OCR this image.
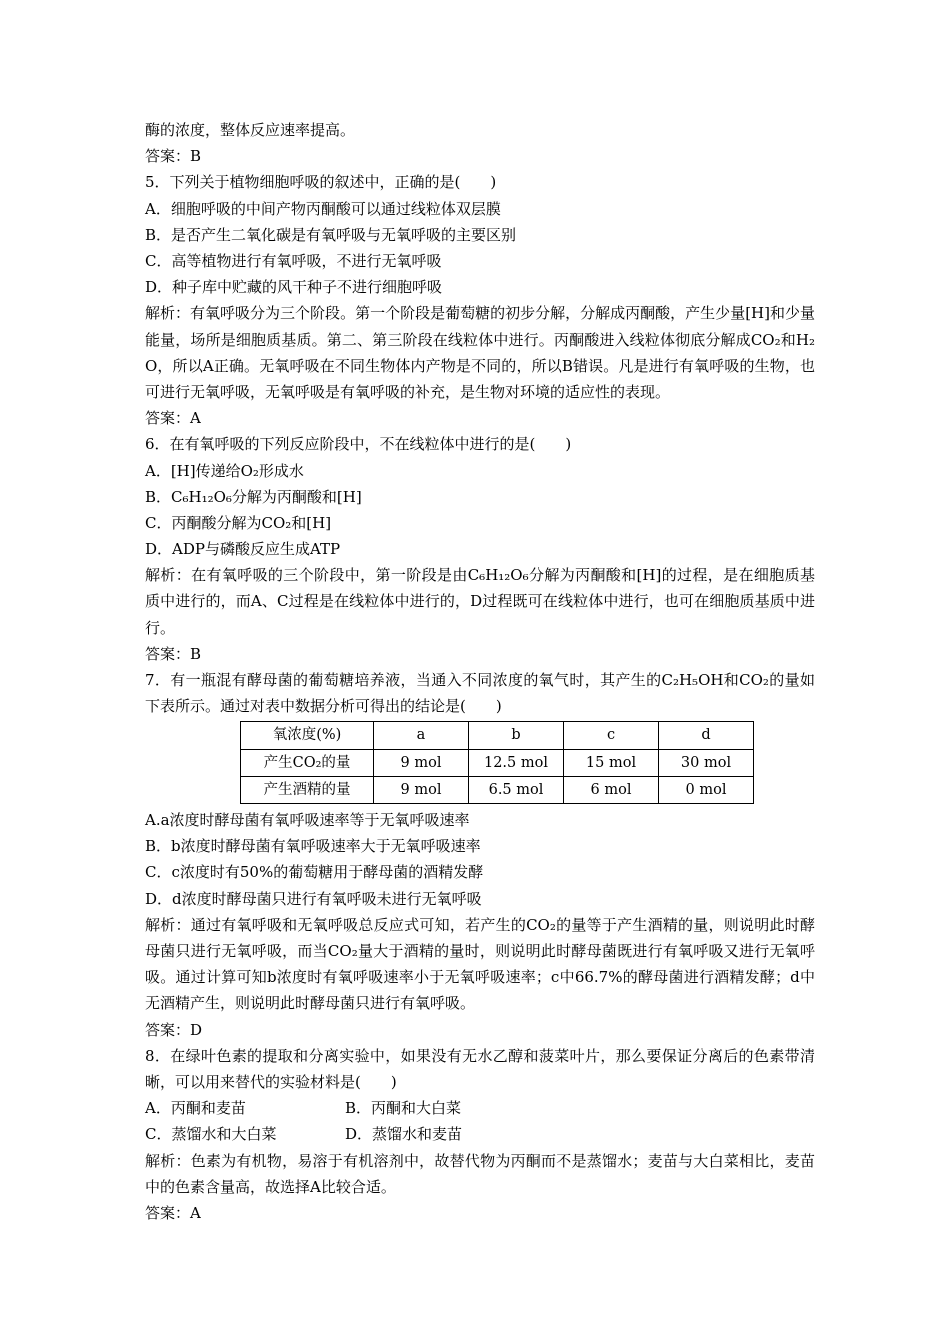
酶的浓度，整体反应速率提高。
答案：B
5．下列关于植物细胞呼吸的叙述中，正确的是(　　)
A．细胞呼吸的中间产物丙酮酸可以通过线粒体双层膜
B．是否产生二氧化碳是有氧呼吸与无氧呼吸的主要区别
C．高等植物进行有氧呼吸，不进行无氧呼吸
D．种子库中贮藏的风干种子不进行细胞呼吸
解析：有氧呼吸分为三个阶段。第一个阶段是葡萄糖的初步分解，分解成丙酮酸，产生少量[H]和少量能量，场所是细胞质基质。第二、第三阶段在线粒体中进行。丙酮酸进入线粒体彻底分解成CO₂和H₂O，所以A正确。无氧呼吸在不同生物体内产物是不同的，所以B错误。凡是进行有氧呼吸的生物，也可进行无氧呼吸，无氧呼吸是有氧呼吸的补充，是生物对环境的适应性的表现。
答案：A
6．在有氧呼吸的下列反应阶段中，不在线粒体中进行的是(　　)
A．[H]传递给O₂形成水
B．C₆H₁₂O₆分解为丙酮酸和[H]
C．丙酮酸分解为CO₂和[H]
D．ADP与磷酸反应生成ATP
解析：在有氧呼吸的三个阶段中，第一阶段是由C₆H₁₂O₆分解为丙酮酸和[H]的过程，是在细胞质基质中进行的，而A、C过程是在线粒体中进行的，D过程既可在线粒体中进行，也可在细胞质基质中进行。
答案：B
7．有一瓶混有酵母菌的葡萄糖培养液，当通入不同浓度的氧气时，其产生的C₂H₅OH和CO₂的量如下表所示。通过对表中数据分析可得出的结论是(　　)
氧浓度(%)	a	b	c	d
产生CO₂的量	9 mol	12.5 mol	15 mol	30 mol
产生酒精的量	9 mol	6.5 mol	6 mol	0 mol
A.a浓度时酵母菌有氧呼吸速率等于无氧呼吸速率
B．b浓度时酵母菌有氧呼吸速率大于无氧呼吸速率
C．c浓度时有50%的葡萄糖用于酵母菌的酒精发酵
D．d浓度时酵母菌只进行有氧呼吸未进行无氧呼吸
解析：通过有氧呼吸和无氧呼吸总反应式可知，若产生的CO₂的量等于产生酒精的量，则说明此时酵母菌只进行无氧呼吸，而当CO₂量大于酒精的量时，则说明此时酵母菌既进行有氧呼吸又进行无氧呼吸。通过计算可知b浓度时有氧呼吸速率小于无氧呼吸速率；c中66.7%的酵母菌进行酒精发酵；d中无酒精产生，则说明此时酵母菌只进行有氧呼吸。
答案：D
8．在绿叶色素的提取和分离实验中，如果没有无水乙醇和菠菜叶片，那么要保证分离后的色素带清晰，可以用来替代的实验材料是(　　)
A．丙酮和麦苗	B．丙酮和大白菜
C．蒸馏水和大白菜	D．蒸馏水和麦苗
解析：色素为有机物，易溶于有机溶剂中，故替代物为丙酮而不是蒸馏水；麦苗与大白菜相比，麦苗中的色素含量高，故选择A比较合适。
答案：A
